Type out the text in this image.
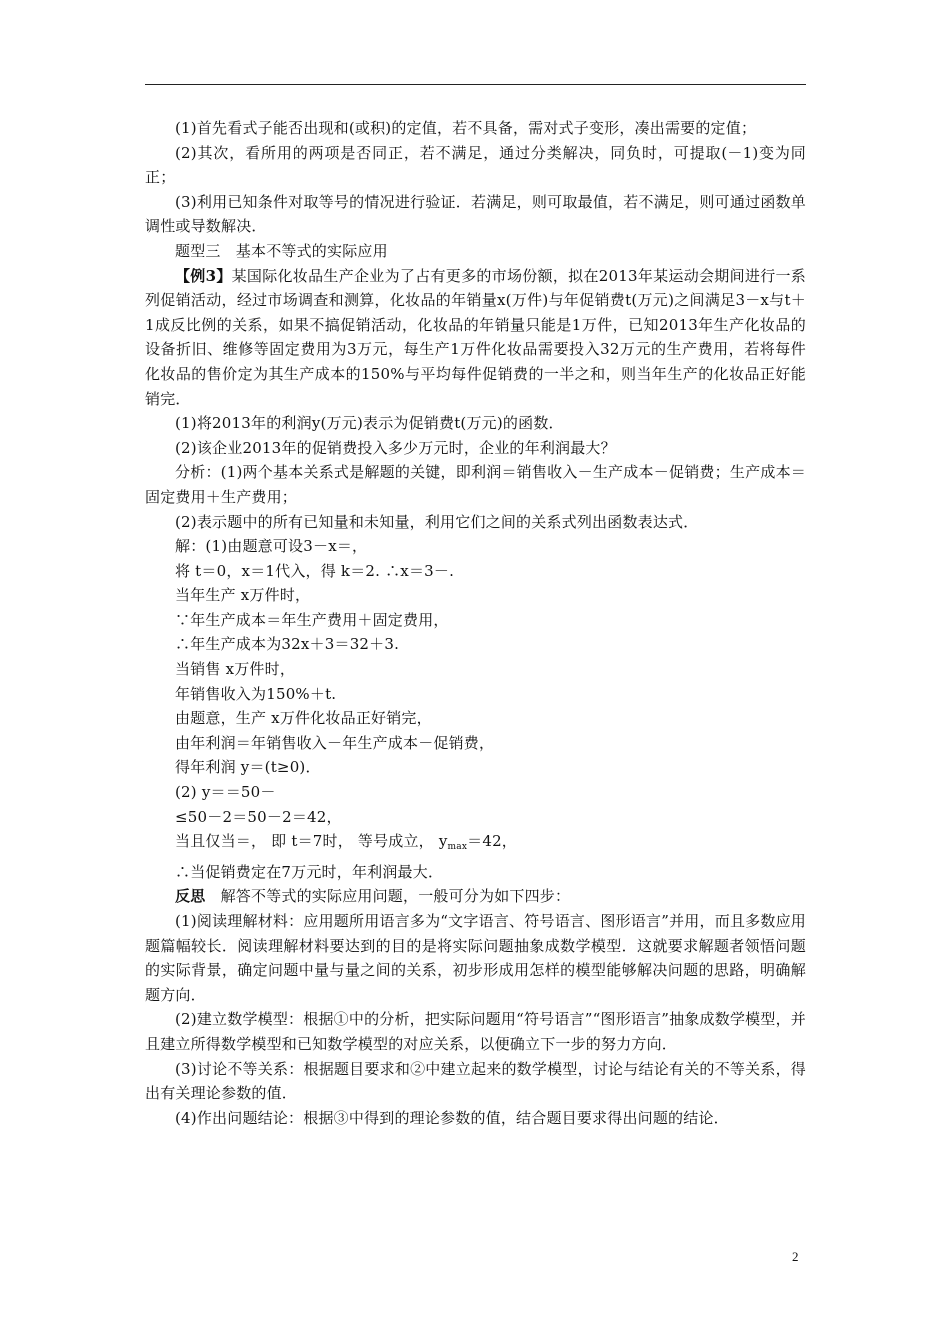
(1)首先看式子能否出现和(或积)的定值，若不具备，需对式子变形，凑出需要的定值；

(2)其次，看所用的两项是否同正，若不满足，通过分类解决，同负时，可提取(－1)变为同正；

(3)利用已知条件对取等号的情况进行验证．若满足，则可取最值，若不满足，则可通过函数单调性或导数解决．

题型三　基本不等式的实际应用

【例3】某国际化妆品生产企业为了占有更多的市场份额，拟在2013年某运动会期间进行一系列促销活动，经过市场调查和测算，化妆品的年销量x(万件)与年促销费t(万元)之间满足3－x与t＋1成反比例的关系，如果不搞促销活动，化妆品的年销量只能是1万件，已知2013年生产化妆品的设备折旧、维修等固定费用为3万元，每生产1万件化妆品需要投入32万元的生产费用，若将每件化妆品的售价定为其生产成本的150%与平均每件促销费的一半之和，则当年生产的化妆品正好能销完．

(1)将2013年的利润y(万元)表示为促销费t(万元)的函数．

(2)该企业2013年的促销费投入多少万元时，企业的年利润最大？

分析：(1)两个基本关系式是解题的关键，即利润＝销售收入－生产成本－促销费；生产成本＝固定费用＋生产费用；

(2)表示题中的所有已知量和未知量，利用它们之间的关系式列出函数表达式．

解：(1)由题意可设3－x＝，

将 t＝0，x＝1代入，得 k＝2. ∴x＝3－.

当年生产 x万件时，

∵年生产成本＝年生产费用＋固定费用，

∴年生产成本为32x＋3＝32＋3.

当销售 x万件时，

年销售收入为150%＋t.

由题意，生产 x万件化妆品正好销完，

由年利润＝年销售收入－年生产成本－促销费，

得年利润 y＝(t≥0)．

(2) y＝＝50－

≤50－2＝50－2＝42，

当且仅当＝， 即 t＝7时， 等号成立， $y_{max}=42$，

∴当促销费定在7万元时，年利润最大．

反思　解答不等式的实际应用问题，一般可分为如下四步：

(1)阅读理解材料：应用题所用语言多为“文字语言、符号语言、图形语言”并用，而且多数应用题篇幅较长．阅读理解材料要达到的目的是将实际问题抽象成数学模型．这就要求解题者领悟问题的实际背景，确定问题中量与量之间的关系，初步形成用怎样的模型能够解决问题的思路，明确解题方向．

(2)建立数学模型：根据①中的分析，把实际问题用“符号语言”“图形语言”抽象成数学模型，并且建立所得数学模型和已知数学模型的对应关系，以便确立下一步的努力方向．

(3)讨论不等关系：根据题目要求和②中建立起来的数学模型，讨论与结论有关的不等关系，得出有关理论参数的值．

(4)作出问题结论：根据③中得到的理论参数的值，结合题目要求得出问题的结论．

2
